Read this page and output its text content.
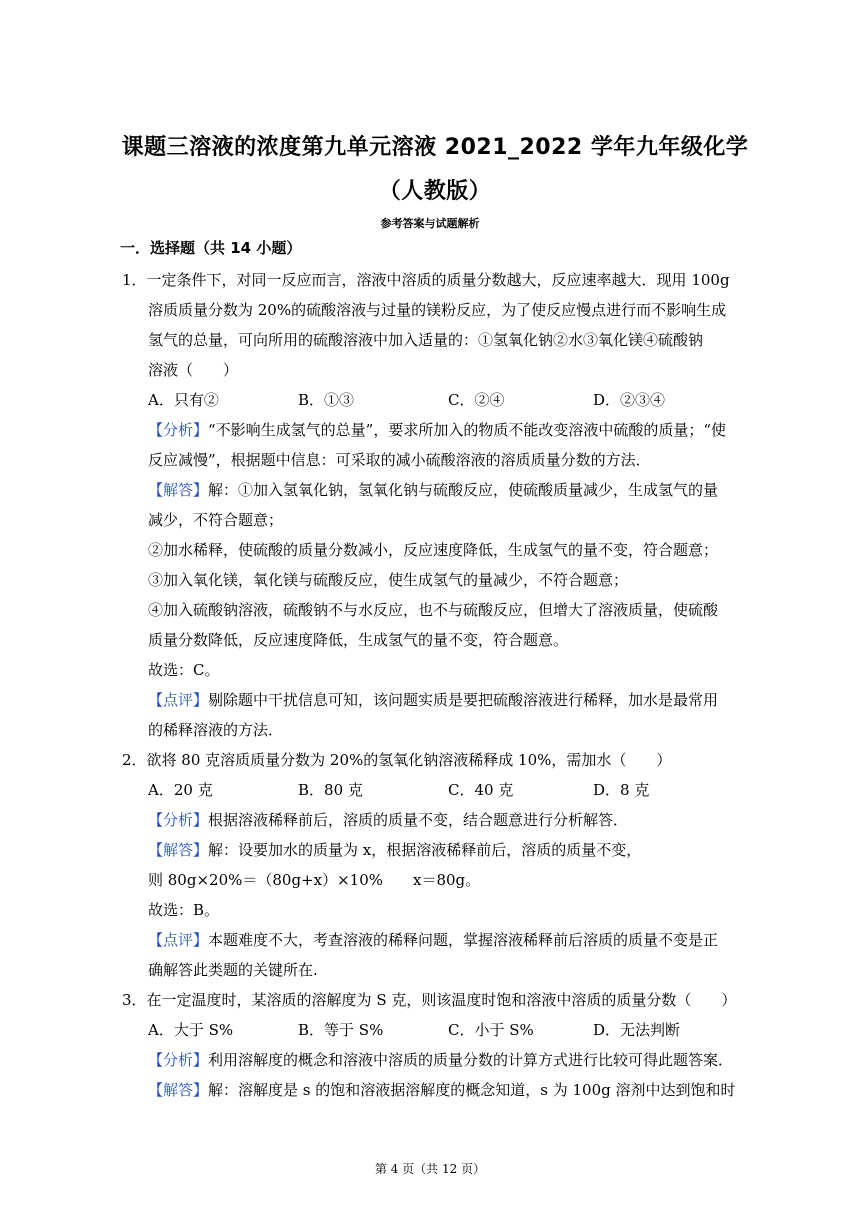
课题三溶液的浓度第九单元溶液 2021_2022 学年九年级化学（人教版）
参考答案与试题解析
一．选择题（共 14 小题）
1．一定条件下，对同一反应而言，溶液中溶质的质量分数越大，反应速率越大．现用 100g
溶质质量分数为 20%的硫酸溶液与过量的镁粉反应，为了使反应慢点进行而不影响生成
氢气的总量，可向所用的硫酸溶液中加入适量的：①氢氧化钠②水③氧化镁④硫酸钠
溶液（　　）
A．只有②	B．①③	C．②④	D．②③④
【分析】“不影响生成氢气的总量”，要求所加入的物质不能改变溶液中硫酸的质量；“使
反应减慢”，根据题中信息：可采取的减小硫酸溶液的溶质质量分数的方法．
【解答】解：①加入氢氧化钠，氢氧化钠与硫酸反应，使硫酸质量减少，生成氢气的量
减少，不符合题意；
②加水稀释，使硫酸的质量分数减小，反应速度降低，生成氢气的量不变，符合题意；
③加入氧化镁，氧化镁与硫酸反应，使生成氢气的量减少，不符合题意；
④加入硫酸钠溶液，硫酸钠不与水反应，也不与硫酸反应，但增大了溶液质量，使硫酸
质量分数降低，反应速度降低，生成氢气的量不变，符合题意。
故选：C。
【点评】剔除题中干扰信息可知，该问题实质是要把硫酸溶液进行稀释，加水是最常用
的稀释溶液的方法．
2．欲将 80 克溶质质量分数为 20%的氢氧化钠溶液稀释成 10%，需加水（　　）
A．20 克	B．80 克	C．40 克	D．8 克
【分析】根据溶液稀释前后，溶质的质量不变，结合题意进行分析解答．
【解答】解：设要加水的质量为 x，根据溶液稀释前后，溶质的质量不变，
则 80g×20%＝（80g+x）×10%　　x＝80g。
故选：B。
【点评】本题难度不大，考查溶液的稀释问题，掌握溶液稀释前后溶质的质量不变是正
确解答此类题的关键所在.
3．在一定温度时，某溶质的溶解度为 S 克，则该温度时饱和溶液中溶质的质量分数（　　）
A．大于 S%	B．等于 S%	C．小于 S%	D．无法判断
【分析】利用溶解度的概念和溶液中溶质的质量分数的计算方式进行比较可得此题答案．
【解答】解：溶解度是 s 的饱和溶液据溶解度的概念知道，s 为 100g 溶剂中达到饱和时
第 4 页（共 12 页）
